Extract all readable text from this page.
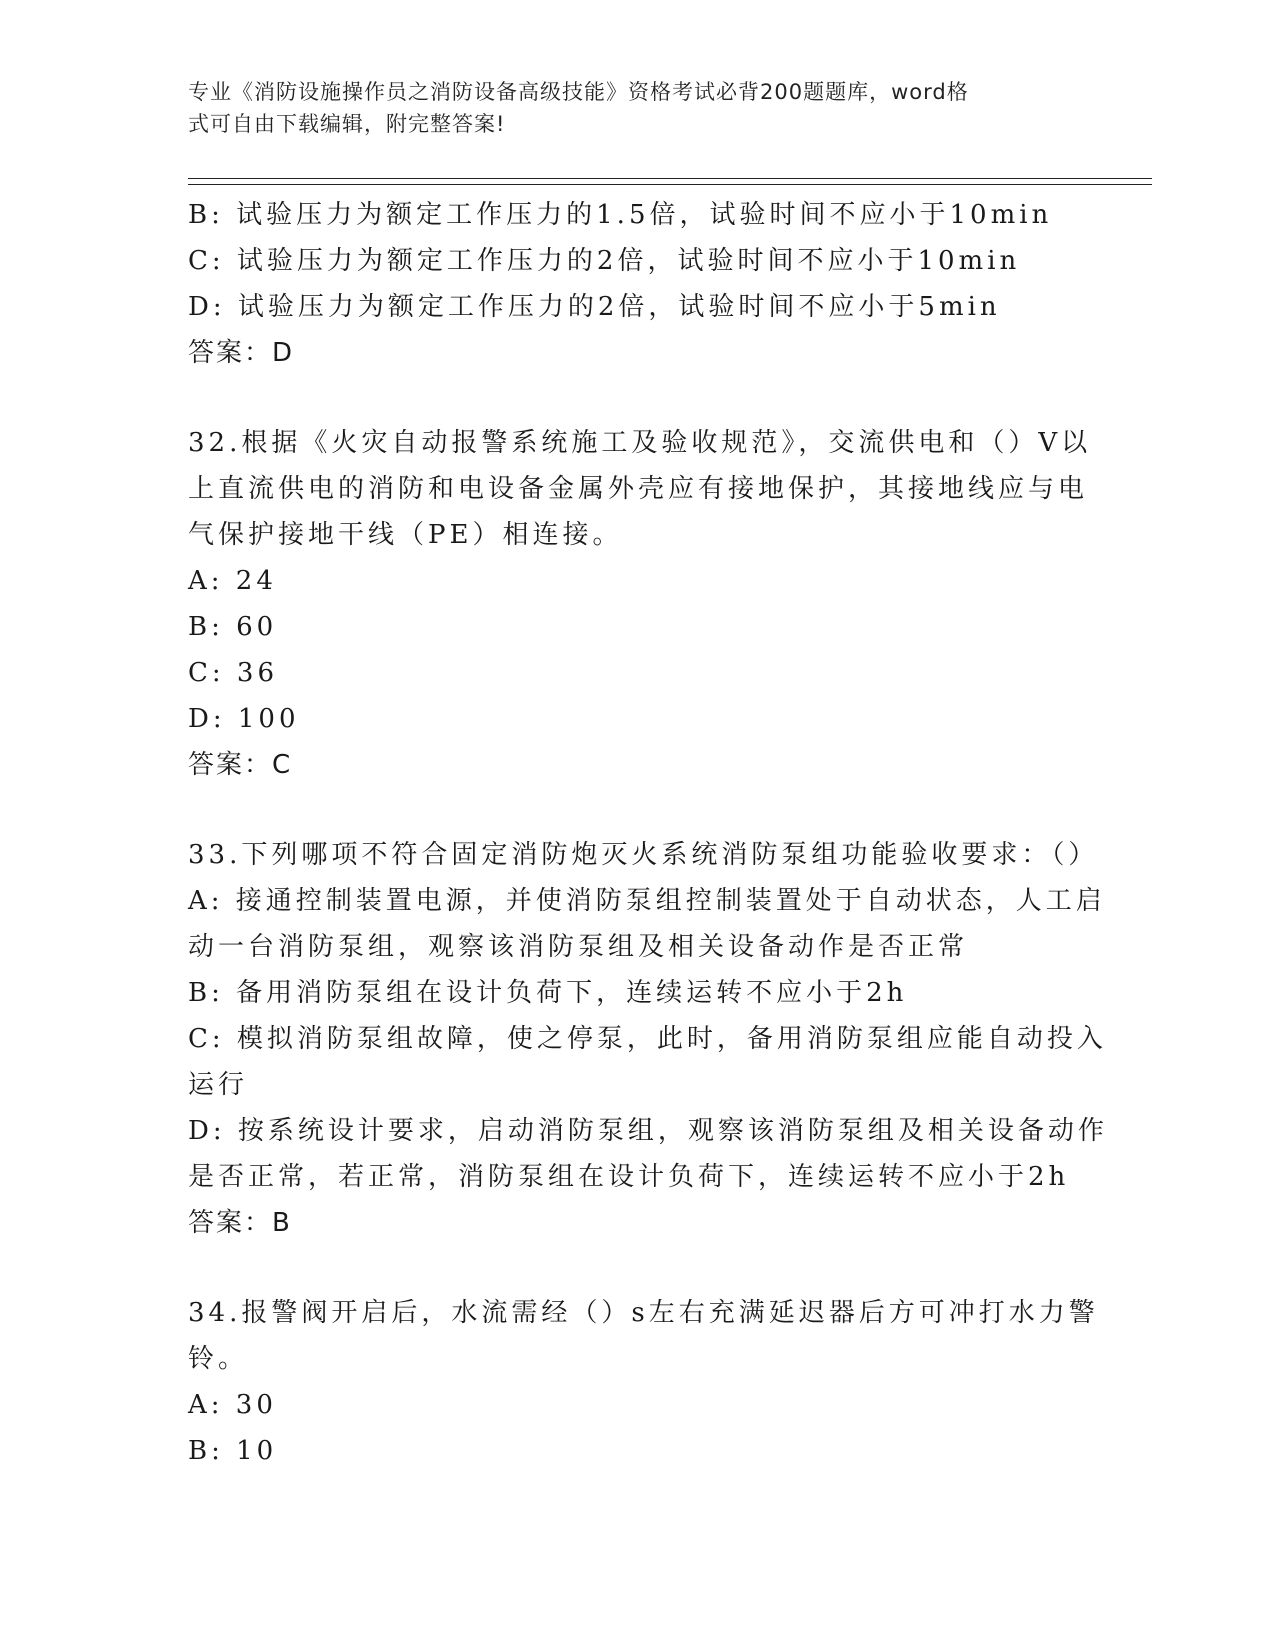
专业《消防设施操作员之消防设备高级技能》资格考试必背200题题库，word格
式可自由下载编辑，附完整答案!
B: 试验压力为额定工作压力的1.5倍，试验时间不应小于10min
C: 试验压力为额定工作压力的2倍，试验时间不应小于10min
D: 试验压力为额定工作压力的2倍，试验时间不应小于5min
答案：D
32.根据《火灾自动报警系统施工及验收规范》，交流供电和（）V以
上直流供电的消防和电设备金属外壳应有接地保护，其接地线应与电
气保护接地干线（PE）相连接。
A: 24
B: 60
C: 36
D: 100
答案：C
33.下列哪项不符合固定消防炮灭火系统消防泵组功能验收要求：（）
A: 接通控制装置电源，并使消防泵组控制装置处于自动状态，人工启
动一台消防泵组，观察该消防泵组及相关设备动作是否正常
B: 备用消防泵组在设计负荷下，连续运转不应小于2h
C: 模拟消防泵组故障，使之停泵，此时，备用消防泵组应能自动投入
运行
D: 按系统设计要求，启动消防泵组，观察该消防泵组及相关设备动作
是否正常，若正常，消防泵组在设计负荷下，连续运转不应小于2h
答案：B
34.报警阀开启后，水流需经（）s左右充满延迟器后方可冲打水力警
铃。
A: 30
B: 10
